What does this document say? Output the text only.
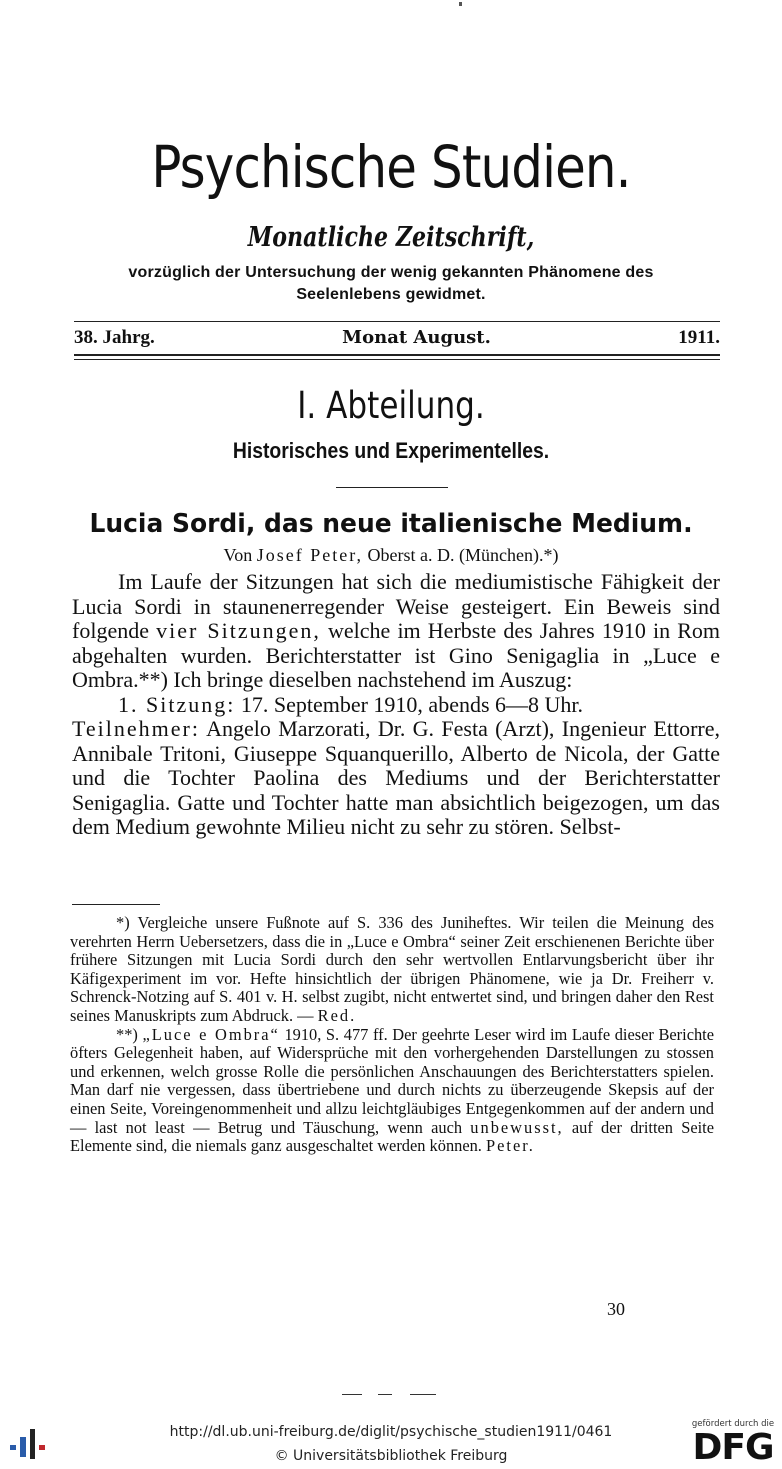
Psychische Studien.
Monatliche Zeitschrift,
vorzüglich der Untersuchung der wenig gekannten Phänomene des
Seelenlebens gewidmet.
38. Jahrg.	Monat August.	1911.
I. Abteilung.
Historisches und Experimentelles.
Lucia Sordi, das neue italienische Medium.
Von Josef Peter, Oberst a. D. (München).*)

Im Laufe der Sitzungen hat sich die mediumistische Fähigkeit der Lucia Sordi in staunenerregender Weise gesteigert. Ein Beweis sind folgende vier Sitzungen, welche im Herbste des Jahres 1910 in Rom abgehalten wurden. Berichterstatter ist Gino Senigaglia in „Luce e Ombra.**) Ich bringe dieselben nachstehend im Auszug:

1. Sitzung: 17. September 1910, abends 6—8 Uhr.
Teilnehmer: Angelo Marzorati, Dr. G. Festa (Arzt), Ingenieur Ettorre, Annibale Tritoni, Giuseppe Squanquerillo, Alberto de Nicola, der Gatte und die Tochter Paolina des Mediums und der Berichterstatter Senigaglia. Gatte und Tochter hatte man absichtlich beigezogen, um das dem Medium gewohnte Milieu nicht zu sehr zu stören. Selbst-

*) Vergleiche unsere Fußnote auf S. 336 des Juniheftes. Wir teilen die Meinung des verehrten Herrn Uebersetzers, dass die in „Luce e Ombra“ seiner Zeit erschienenen Berichte über frühere Sitzungen mit Lucia Sordi durch den sehr wertvollen Entlarvungsbericht über ihr Käfigexperiment im vor. Hefte hinsichtlich der übrigen Phänomene, wie ja Dr. Freiherr v. Schrenck-Notzing auf S. 401 v. H. selbst zugibt, nicht entwertet sind, und bringen daher den Rest seines Manuskripts zum Abdruck. — Red.

**) „Luce e Ombra“ 1910, S. 477 ff. Der geehrte Leser wird im Laufe dieser Berichte öfters Gelegenheit haben, auf Widersprüche mit den vorhergehenden Darstellungen zu stossen und erkennen, welch grosse Rolle die persönlichen Anschauungen des Berichterstatters spielen. Man darf nie vergessen, dass übertriebene und durch nichts zu überzeugende Skepsis auf der einen Seite, Voreingenommenheit und allzu leichtgläubiges Entgegenkommen auf der andern und — last not least — Betrug und Täuschung, wenn auch unbewusst, auf der dritten Seite Elemente sind, die niemals ganz ausgeschaltet werden können. Peter.

30
http://dl.ub.uni-freiburg.de/diglit/psychische_studien1911/0461
© Universitätsbibliothek Freiburg
gefördert durch die
DFG
